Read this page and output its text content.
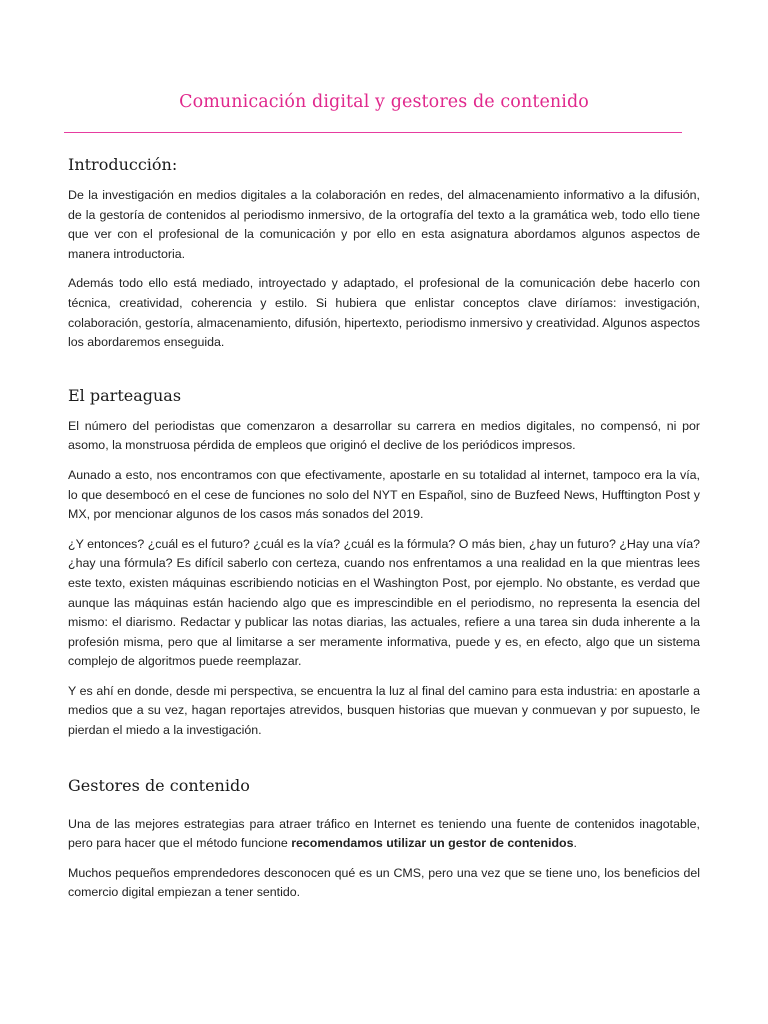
Comunicación digital y gestores de contenido
Introducción:

De la investigación en medios digitales a la colaboración en redes, del almacenamiento informativo a la difusión, de la gestoría de contenidos al periodismo inmersivo, de la ortografía del texto a la gramática web, todo ello tiene que ver con el profesional de la comunicación y por ello en esta asignatura abordamos algunos aspectos de manera introductoria.

Además todo ello está mediado, introyectado y adaptado, el profesional de la comunicación debe hacerlo con técnica, creatividad, coherencia y estilo. Si hubiera que enlistar conceptos clave diríamos: investigación, colaboración, gestoría, almacenamiento, difusión, hipertexto, periodismo inmersivo y creatividad. Algunos aspectos los abordaremos enseguida.

El parteaguas

El número del periodistas que comenzaron a desarrollar su carrera en medios digitales, no compensó, ni por asomo, la monstruosa pérdida de empleos que originó el declive de los periódicos impresos.

Aunado a esto, nos encontramos con que efectivamente, apostarle en su totalidad al internet, tampoco era la vía, lo que desembocó en el cese de funciones no solo del NYT en Español, sino de Buzfeed News, Hufftington Post y MX, por mencionar algunos de los casos más sonados del 2019.

¿Y entonces? ¿cuál es el futuro? ¿cuál es la vía? ¿cuál es la fórmula? O más bien, ¿hay un futuro? ¿Hay una vía? ¿hay una fórmula? Es difícil saberlo con certeza, cuando nos enfrentamos a una realidad en la que mientras lees este texto, existen máquinas escribiendo noticias en el Washington Post, por ejemplo. No obstante, es verdad que aunque las máquinas están haciendo algo que es imprescindible en el periodismo, no representa la esencia del mismo: el diarismo. Redactar y publicar las notas diarias, las actuales, refiere a una tarea sin duda inherente a la profesión misma, pero que al limitarse a ser meramente informativa, puede y es, en efecto, algo que un sistema complejo de algoritmos puede reemplazar.

Y es ahí en donde, desde mi perspectiva, se encuentra la luz al final del camino para esta industria: en apostarle a medios que a su vez, hagan reportajes atrevidos, busquen historias que muevan y conmuevan y por supuesto, le pierdan el miedo a la investigación.

Gestores de contenido

Una de las mejores estrategias para atraer tráfico en Internet es teniendo una fuente de contenidos inagotable, pero para hacer que el método funcione recomendamos utilizar un gestor de contenidos.

Muchos pequeños emprendedores desconocen qué es un CMS, pero una vez que se tiene uno, los beneficios del comercio digital empiezan a tener sentido.
